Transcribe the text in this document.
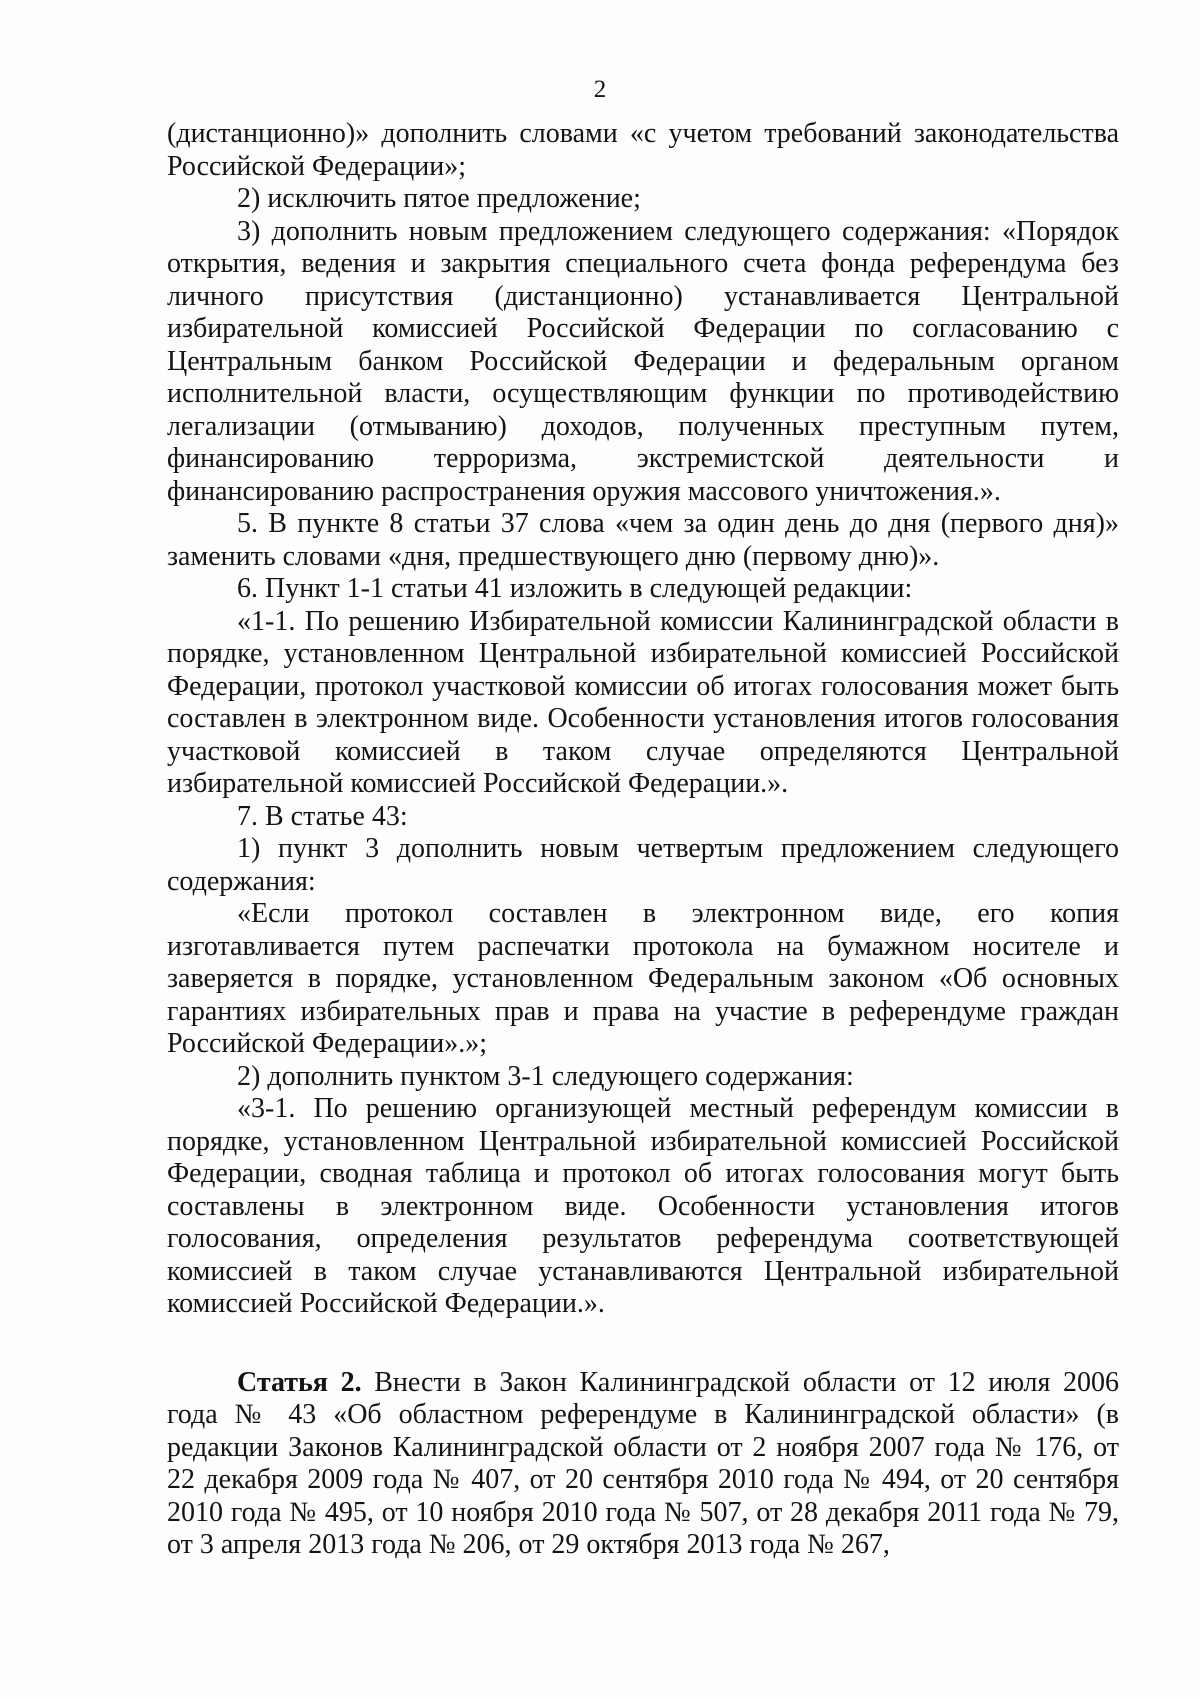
2

(дистанционно)» дополнить словами «с учетом требований законодательства Российской Федерации»;

2) исключить пятое предложение;

3) дополнить новым предложением следующего содержания: «Порядок открытия, ведения и закрытия специального счета фонда референдума без личного присутствия (дистанционно) устанавливается Центральной избирательной комиссией Российской Федерации по согласованию с Центральным банком Российской Федерации и федеральным органом исполнительной власти, осуществляющим функции по противодействию легализации (отмыванию) доходов, полученных преступным путем, финансированию терроризма, экстремистской деятельности и финансированию распространения оружия массового уничтожения.».

5. В пункте 8 статьи 37 слова «чем за один день до дня (первого дня)» заменить словами «дня, предшествующего дню (первому дню)».

6. Пункт 1-1 статьи 41 изложить в следующей редакции:

«1-1. По решению Избирательной комиссии Калининградской области в порядке, установленном Центральной избирательной комиссией Российской Федерации, протокол участковой комиссии об итогах голосования может быть составлен в электронном виде. Особенности установления итогов голосования участковой комиссией в таком случае определяются Центральной избирательной комиссией Российской Федерации.».

7. В статье 43:

1) пункт 3 дополнить новым четвертым предложением следующего содержания:

«Если протокол составлен в электронном виде, его копия изготавливается путем распечатки протокола на бумажном носителе и заверяется в порядке, установленном Федеральным законом «Об основных гарантиях избирательных прав и права на участие в референдуме граждан Российской Федерации».»;

2) дополнить пунктом 3-1 следующего содержания:

«3-1. По решению организующей местный референдум комиссии в порядке, установленном Центральной избирательной комиссией Российской Федерации, сводная таблица и протокол об итогах голосования могут быть составлены в электронном виде. Особенности установления итогов голосования, определения результатов референдума соответствующей комиссией в таком случае устанавливаются Центральной избирательной комиссией Российской Федерации.».

Статья 2. Внести в Закон Калининградской области от 12 июля 2006 года № 43 «Об областном референдуме в Калининградской области» (в редакции Законов Калининградской области от 2 ноября 2007 года № 176, от 22 декабря 2009 года № 407, от 20 сентября 2010 года № 494, от 20 сентября 2010 года № 495, от 10 ноября 2010 года № 507, от 28 декабря 2011 года № 79, от 3 апреля 2013 года № 206, от 29 октября 2013 года № 267,
